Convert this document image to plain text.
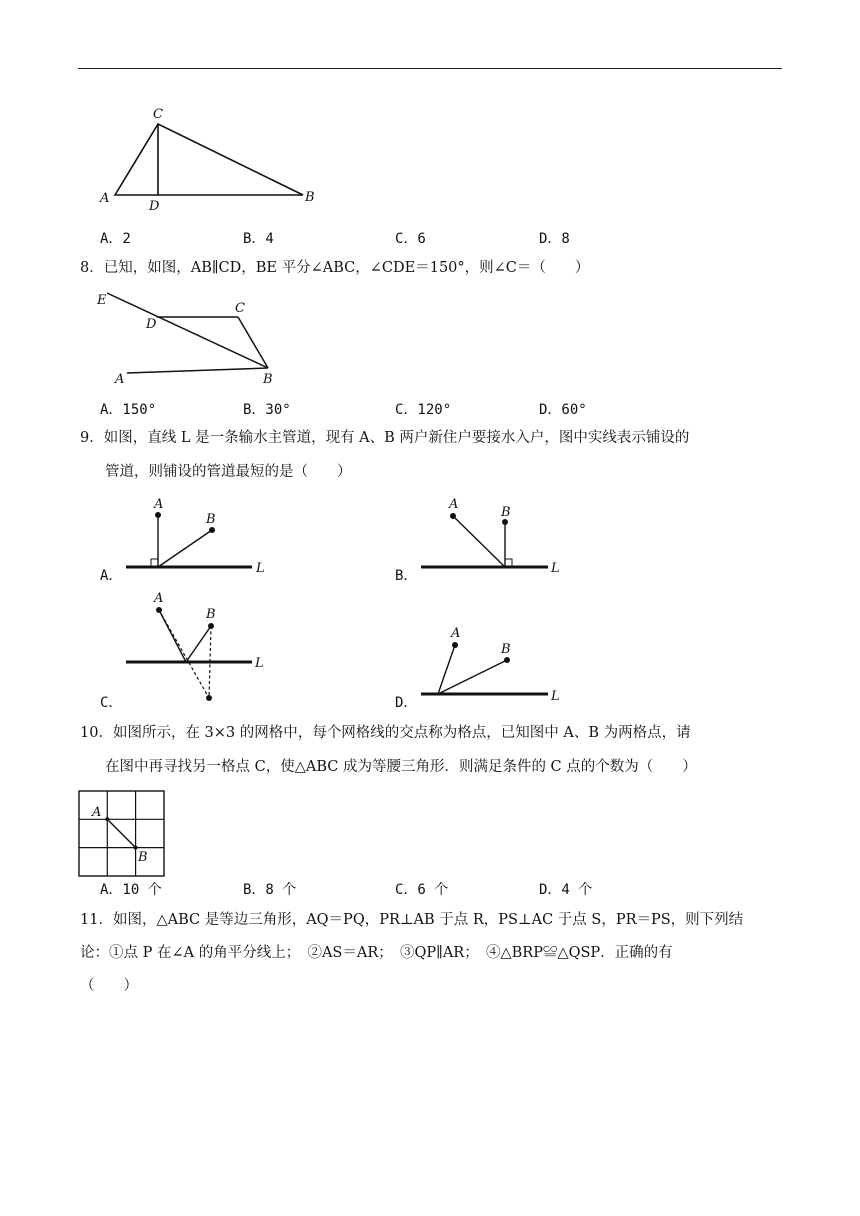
C
A
D
B
A．2	B．4	C．6	D．8
8．已知，如图，AB∥CD，BE 平分∠ABC，∠CDE＝150°，则∠C＝（　　）
E
D
C
A	B
A．150°	B．30°	C．120°	D．60°
9．如图，直线 L 是一条输水主管道，现有 A、B 两户新住户要接水入户，图中实线表示铺设的
管道，则铺设的管道最短的是（　　）
A
B
L
A．
A
B
L
B．
A
B
L
C．
A
B
L
D．
10．如图所示，在 3×3 的网格中，每个网格线的交点称为格点，已知图中 A、B 为两格点，请
在图中再寻找另一格点 C，使△ABC 成为等腰三角形．则满足条件的 C 点的个数为（　　）
A
B
A．10 个	B．8 个	C．6 个	D．4 个
11．如图，△ABC 是等边三角形，AQ＝PQ，PR⊥AB 于点 R，PS⊥AC 于点 S，PR＝PS，则下列结
论：①点 P 在∠A 的角平分线上；　②AS＝AR；　③QP∥AR；　④△BRP≌△QSP．正确的有
（　　）
